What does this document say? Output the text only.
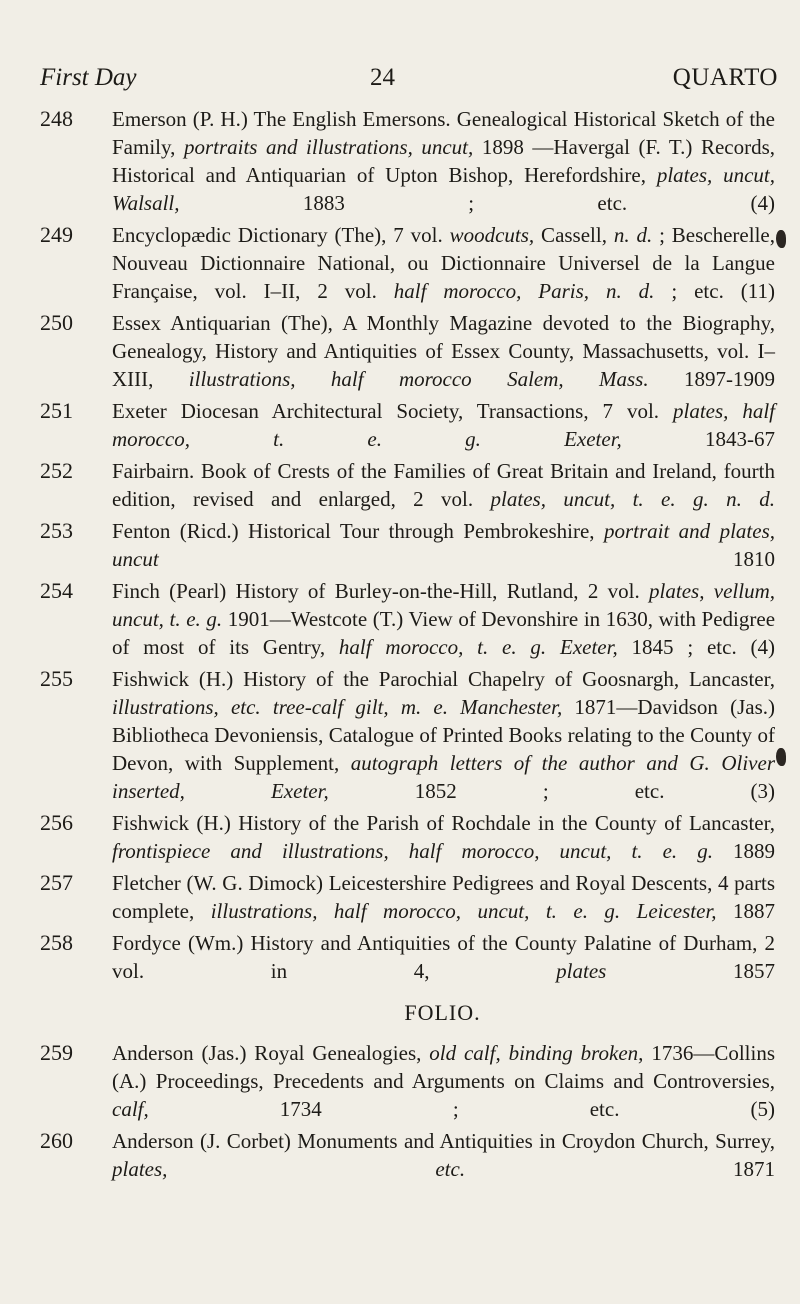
First Day	24	QUARTO
248	Emerson (P. H.) The English Emersons. Genealogical Historical Sketch of the Family, portraits and illustrations, uncut, 1898 —Havergal (F. T.) Records, Historical and Antiquarian of Upton Bishop, Herefordshire, plates, uncut, Walsall, 1883 ; etc. (4)
249	Encyclopædic Dictionary (The), 7 vol. woodcuts, Cassell, n. d. ; Bescherelle, Nouveau Dictionnaire National, ou Dictionnaire Universel de la Langue Française, vol. I–II, 2 vol. half morocco, Paris, n. d. ; etc. (11)
250	Essex Antiquarian (The), A Monthly Magazine devoted to the Biography, Genealogy, History and Antiquities of Essex County, Massachusetts, vol. I–XIII, illustrations, half morocco Salem, Mass. 1897-1909
251	Exeter Diocesan Architectural Society, Transactions, 7 vol. plates, half morocco, t. e. g. Exeter, 1843-67
252	Fairbairn. Book of Crests of the Families of Great Britain and Ireland, fourth edition, revised and enlarged, 2 vol. plates, uncut, t. e. g. n. d.
253	Fenton (Ricd.) Historical Tour through Pembrokeshire, portrait and plates, uncut 1810
254	Finch (Pearl) History of Burley-on-the-Hill, Rutland, 2 vol. plates, vellum, uncut, t. e. g. 1901—Westcote (T.) View of Devonshire in 1630, with Pedigree of most of its Gentry, half morocco, t. e. g. Exeter, 1845 ; etc. (4)
255	Fishwick (H.) History of the Parochial Chapelry of Goosnargh, Lancaster, illustrations, etc. tree-calf gilt, m. e. Manchester, 1871—Davidson (Jas.) Bibliotheca Devoniensis, Catalogue of Printed Books relating to the County of Devon, with Supplement, autograph letters of the author and G. Oliver inserted, Exeter, 1852 ; etc. (3)
256	Fishwick (H.) History of the Parish of Rochdale in the County of Lancaster, frontispiece and illustrations, half morocco, uncut, t. e. g. 1889
257	Fletcher (W. G. Dimock) Leicestershire Pedigrees and Royal Descents, 4 parts complete, illustrations, half morocco, uncut, t. e. g. Leicester, 1887
258	Fordyce (Wm.) History and Antiquities of the County Palatine of Durham, 2 vol. in 4, plates 1857
FOLIO.
259	Anderson (Jas.) Royal Genealogies, old calf, binding broken, 1736—Collins (A.) Proceedings, Precedents and Arguments on Claims and Controversies, calf, 1734 ; etc. (5)
260	Anderson (J. Corbet) Monuments and Antiquities in Croydon Church, Surrey, plates, etc. 1871
